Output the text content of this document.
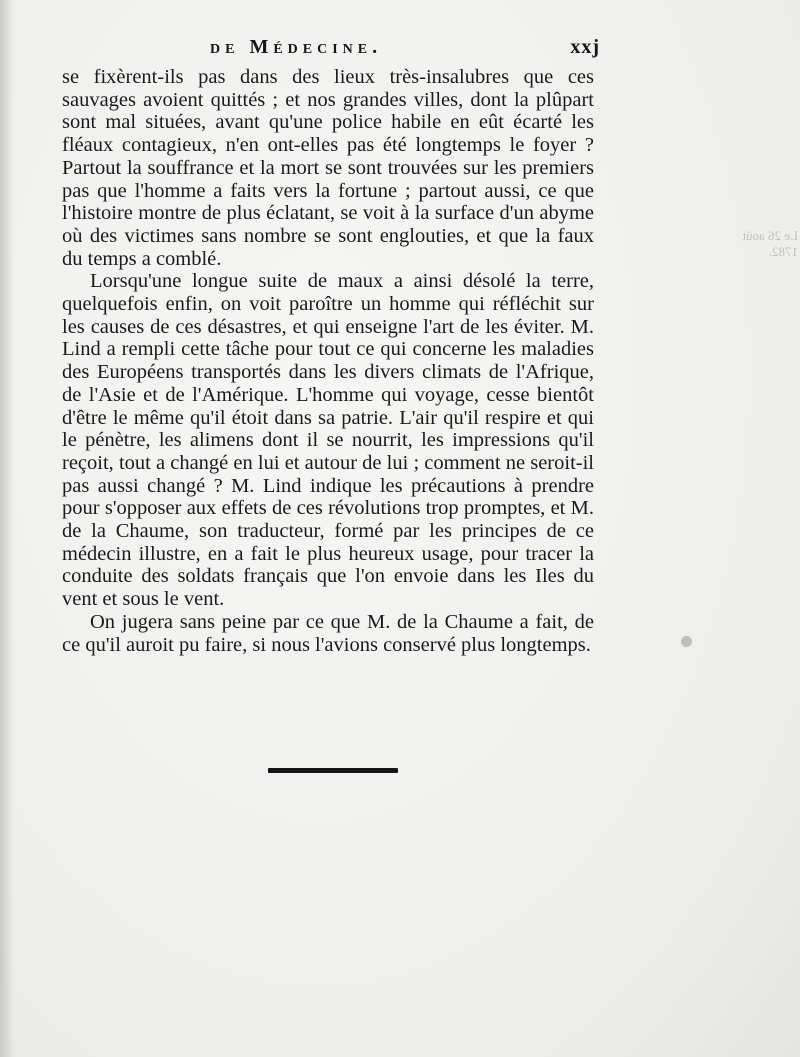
de Médecine.	xxj
Le 26 août
1782.

se fixèrent-ils pas dans des lieux très-insalubres que ces sauvages avoient quittés ; et nos grandes villes, dont la plûpart sont mal situées, avant qu'une police habile en eût écarté les fléaux contagieux, n'en ont-elles pas été longtemps le foyer ? Partout la souffrance et la mort se sont trouvées sur les premiers pas que l'homme a faits vers la fortune ; partout aussi, ce que l'histoire montre de plus éclatant, se voit à la surface d'un abyme où des victimes sans nombre se sont englouties, et que la faux du temps a comblé.

Lorsqu'une longue suite de maux a ainsi désolé la terre, quelquefois enfin, on voit paroître un homme qui réfléchit sur les causes de ces désastres, et qui enseigne l'art de les éviter. M. Lind a rempli cette tâche pour tout ce qui concerne les maladies des Européens transportés dans les divers climats de l'Afrique, de l'Asie et de l'Amérique. L'homme qui voyage, cesse bientôt d'être le même qu'il étoit dans sa patrie. L'air qu'il respire et qui le pénètre, les alimens dont il se nourrit, les impressions qu'il reçoit, tout a changé en lui et autour de lui ; comment ne seroit-il pas aussi changé ? M. Lind indique les précautions à prendre pour s'opposer aux effets de ces révolutions trop promptes, et M. de la Chaume, son traducteur, formé par les principes de ce médecin illustre, en a fait le plus heureux usage, pour tracer la conduite des soldats français que l'on envoie dans les Iles du vent et sous le vent.

On jugera sans peine par ce que M. de la Chaume a fait, de ce qu'il auroit pu faire, si nous l'avions conservé plus longtemps.
